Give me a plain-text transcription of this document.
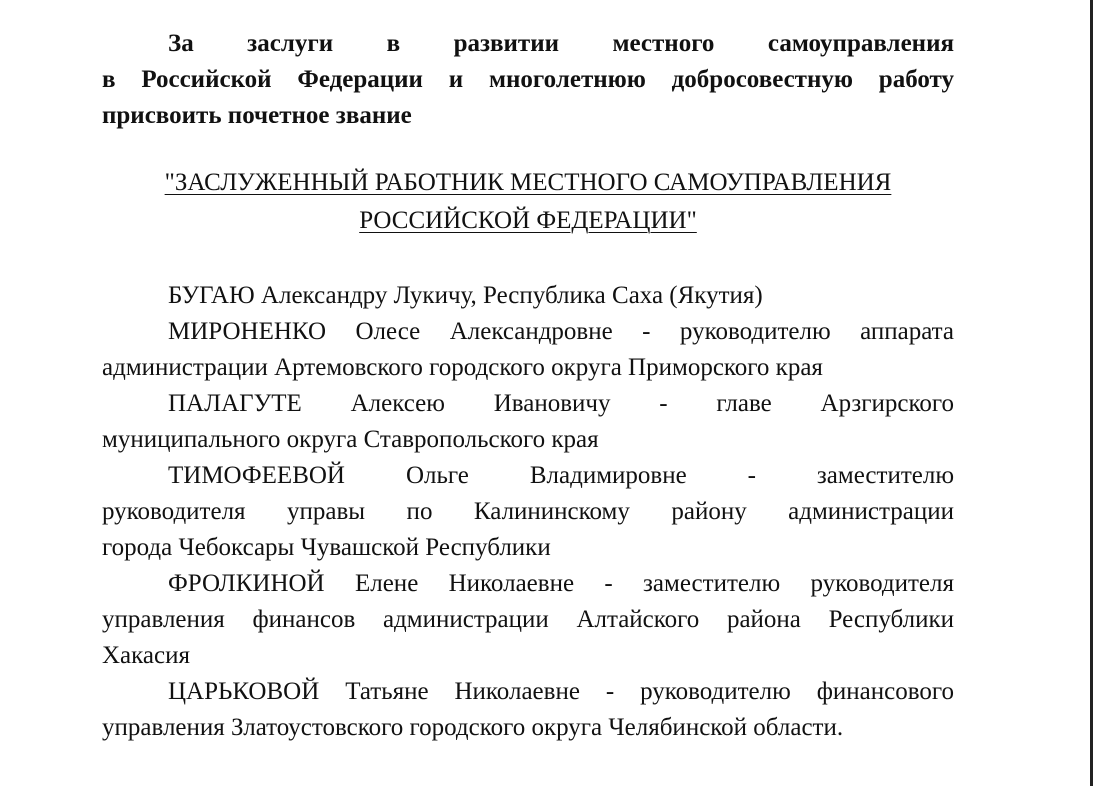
За заслуги в развитии местного самоуправления
в Российской Федерации и многолетнюю добросовестную работу
присвоить почетное звание
"ЗАСЛУЖЕННЫЙ РАБОТНИК МЕСТНОГО САМОУПРАВЛЕНИЯ
РОССИЙСКОЙ ФЕДЕРАЦИИ"
БУГАЮ Александру Лукичу, Республика Саха (Якутия)
МИРОНЕНКО Олесе Александровне - руководителю аппарата
администрации Артемовского городского округа Приморского края
ПАЛАГУТЕ Алексею Ивановичу - главе Арзгирского
муниципального округа Ставропольского края
ТИМОФЕЕВОЙ Ольге Владимировне - заместителю
руководителя управы по Калининскому району администрации
города Чебоксары Чувашской Республики
ФРОЛКИНОЙ Елене Николаевне - заместителю руководителя
управления финансов администрации Алтайского района Республики
Хакасия
ЦАРЬКОВОЙ Татьяне Николаевне - руководителю финансового
управления Златоустовского городского округа Челябинской области.
